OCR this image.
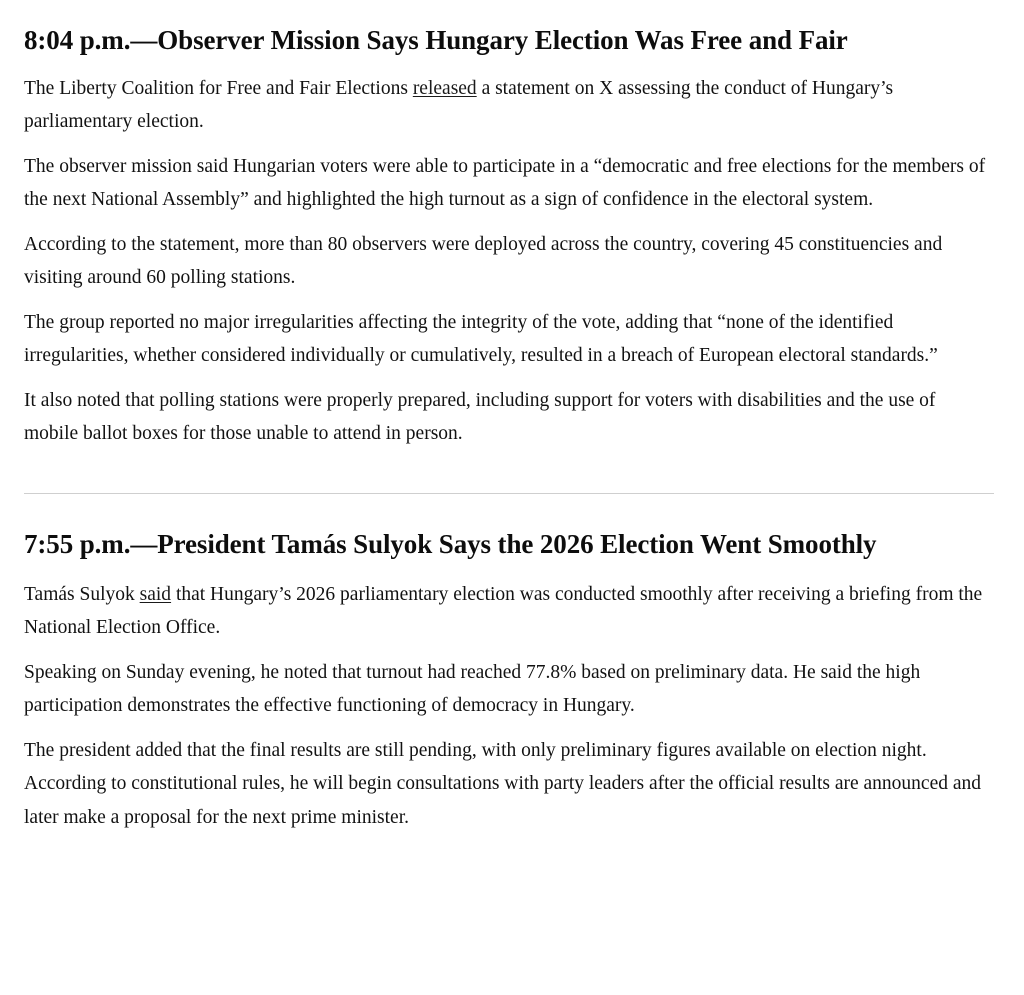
8:04 p.m.—Observer Mission Says Hungary Election Was Free and Fair

The Liberty Coalition for Free and Fair Elections released a statement on X assessing the conduct of Hungary’s parliamentary election.

The observer mission said Hungarian voters were able to participate in a “democratic and free elections for the members of the next National Assembly” and highlighted the high turnout as a sign of confidence in the electoral system.

According to the statement, more than 80 observers were deployed across the country, covering 45 constituencies and visiting around 60 polling stations.

The group reported no major irregularities affecting the integrity of the vote, adding that “none of the identified irregularities, whether considered individually or cumulatively, resulted in a breach of European electoral standards.”

It also noted that polling stations were properly prepared, including support for voters with disabilities and the use of mobile ballot boxes for those unable to attend in person.

7:55 p.m.—President Tamás Sulyok Says the 2026 Election Went Smoothly

Tamás Sulyok said that Hungary’s 2026 parliamentary election was conducted smoothly after receiving a briefing from the National Election Office.

Speaking on Sunday evening, he noted that turnout had reached 77.8% based on preliminary data. He said the high participation demonstrates the effective functioning of democracy in Hungary.

The president added that the final results are still pending, with only preliminary figures available on election night. According to constitutional rules, he will begin consultations with party leaders after the official results are announced and later make a proposal for the next prime minister.
